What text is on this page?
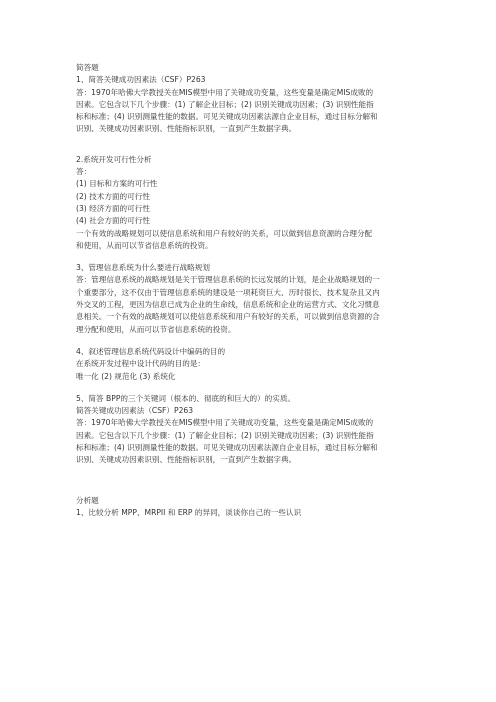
简答题
1、简答关键成功因素法（CSF）P263
答：1970年哈佛大学教授关在MIS模型中用了关键成功变量，这些变量是确定MIS成败的
因素。它包含以下几个步骤：(1) 了解企业目标；(2) 识别关键成功因素；(3) 识别性能指
标和标准；(4) 识别测量性能的数据。可见关键成功因素法源自企业目标，通过目标分解和
识别、关键成功因素识别、性能指标识别，一直到产生数据字典。
2.系统开发可行性分析
答：
(1) 目标和方案的可行性
(2) 技术方面的可行性
(3) 经济方面的可行性
(4) 社会方面的可行性
一个有效的战略规划可以使信息系统和用户有较好的关系，可以做到信息资源的合理分配
和使用，从而可以节省信息系统的投资。
3、管理信息系统为什么要进行战略规划
答：管理信息系统的战略规划是关于管理信息系统的长远发展的计划，是企业战略规划的一
个重要部分，这不仅由于管理信息系统的建设是一项耗资巨大、历时很长、技术复杂且又内
外交叉的工程，更因为信息已成为企业的生命线，信息系统和企业的运营方式、文化习惯息
息相关。一个有效的战略规划可以使信息系统和用户有较好的关系，可以做到信息资源的合
理分配和使用，从而可以节省信息系统的投资。
4、叙述管理信息系统代码设计中编码的目的
在系统开发过程中设计代码的目的是：
唯一化 (2) 规范化 (3) 系统化
5、简答 BPP的三个关键词（根本的、彻底的和巨大的）的实质。
简答关键成功因素法（CSF）P263
答：1970年哈佛大学教授关在MIS模型中用了关键成功变量，这些变量是确定MIS成败的
因素。它包含以下几个步骤：(1) 了解企业目标；(2) 识别关键成功因素；(3) 识别性能指
标和标准；(4) 识别测量性能的数据。可见关键成功因素法源自企业目标，通过目标分解和
识别、关键成功因素识别、性能指标识别，一直到产生数据字典。
分析题
1、比较分析 MPP、MRPII 和 ERP 的异同，谈谈你自己的一些认识
